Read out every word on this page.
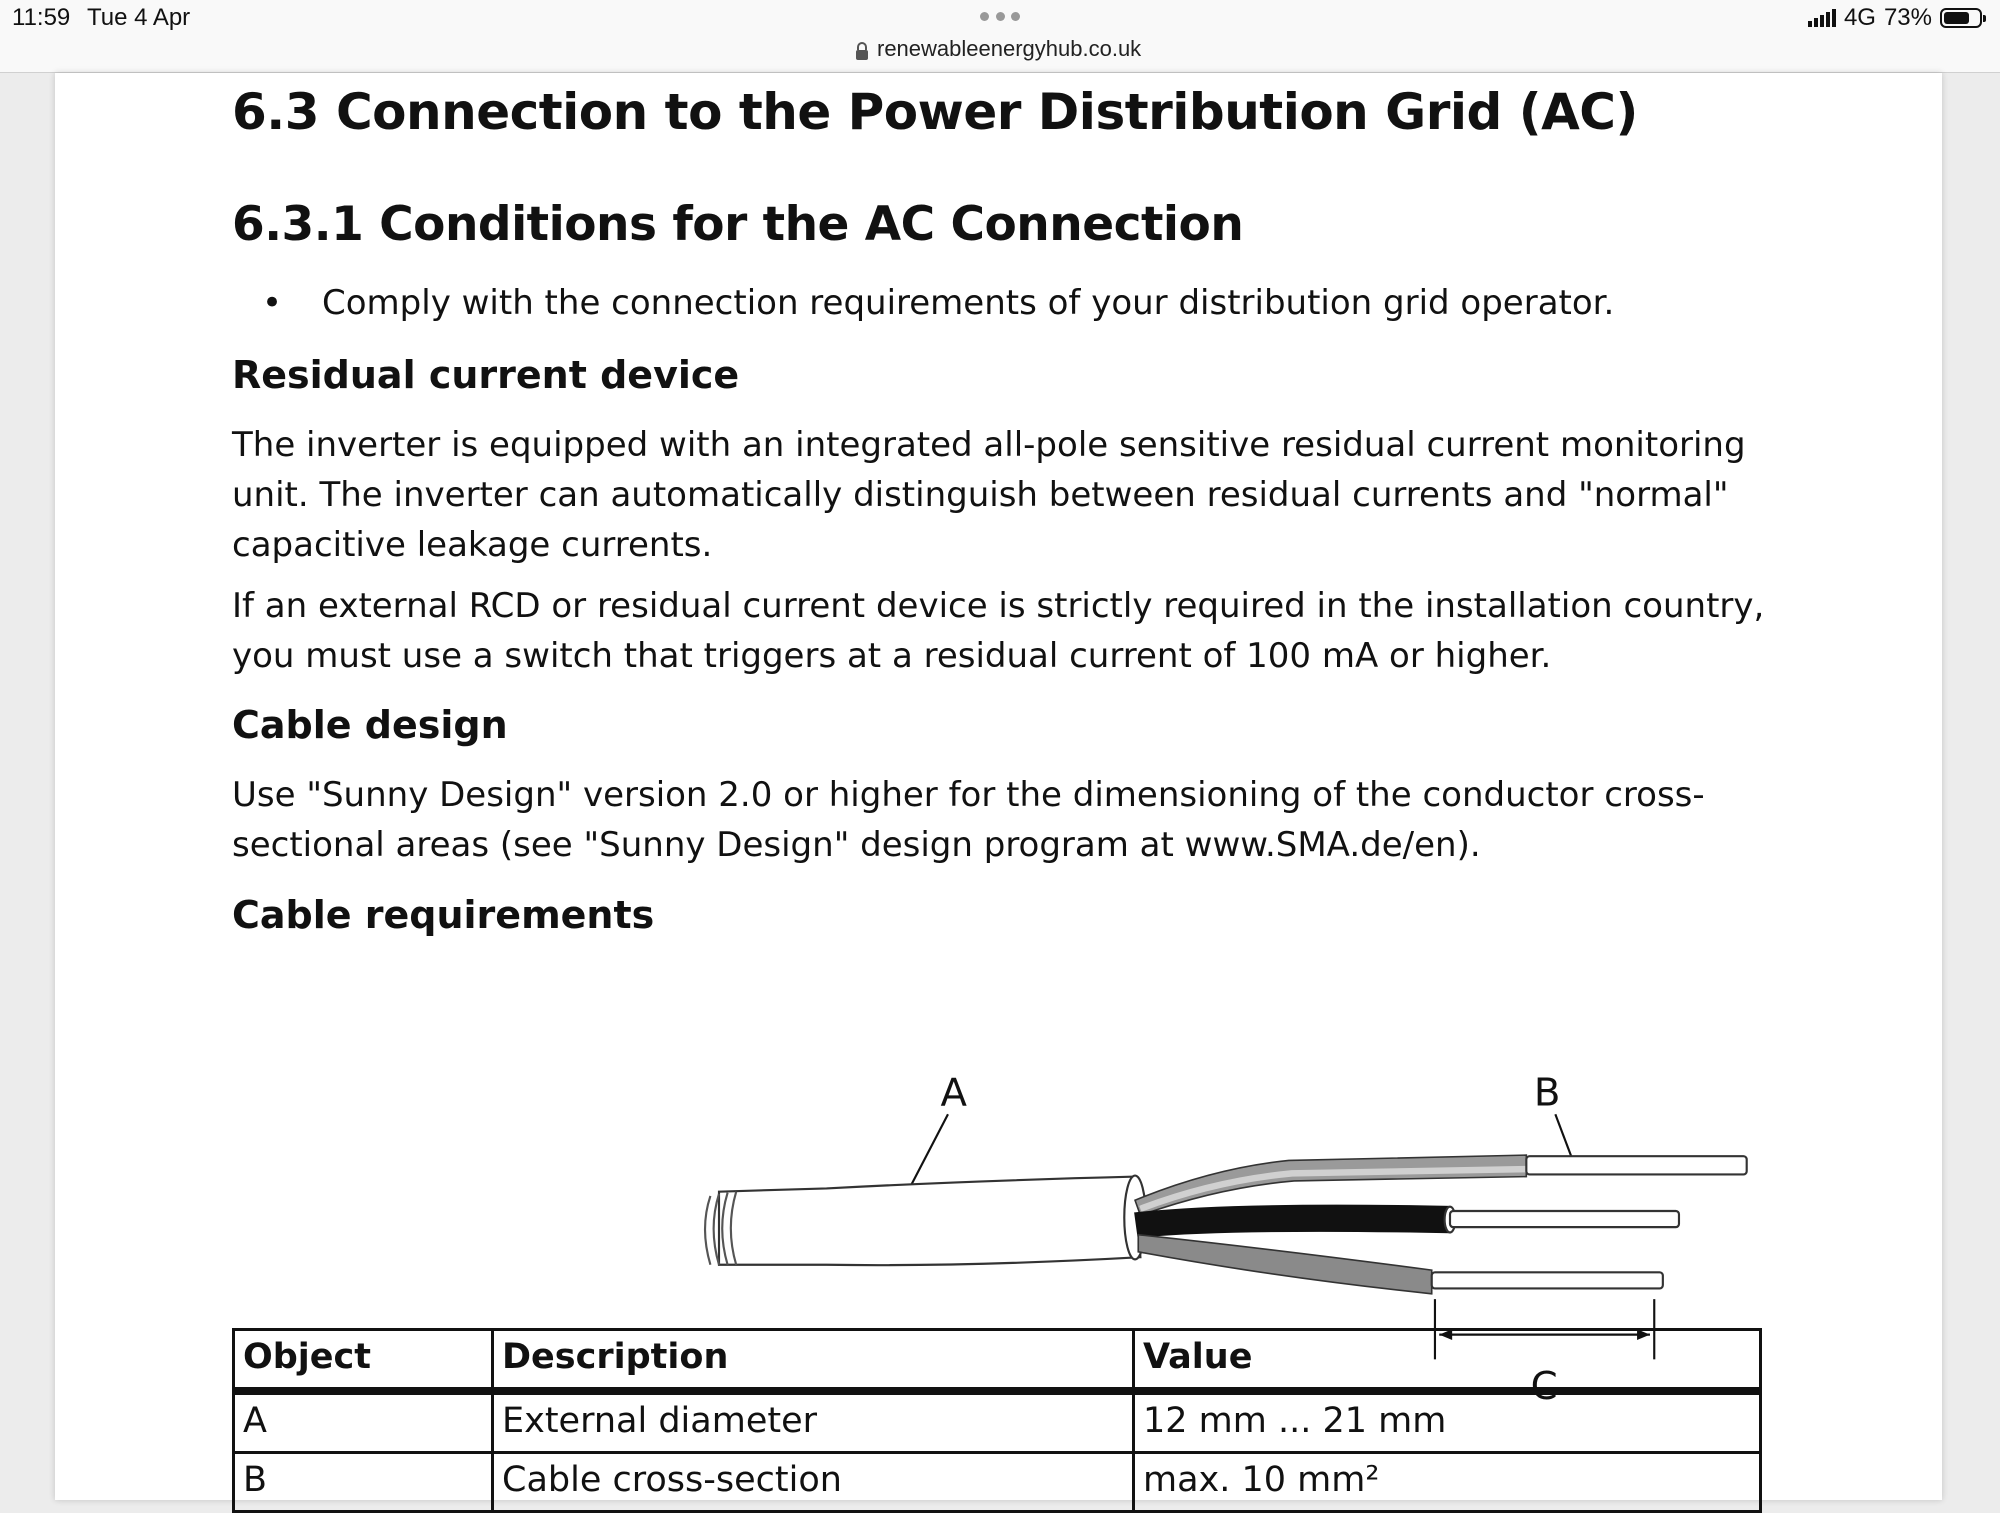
11:59 Tue 4 Apr
renewableenergyhub.co.uk
4G 73%
6.3 Connection to the Power Distribution Grid (AC)
6.3.1 Conditions for the AC Connection
• Comply with the connection requirements of your distribution grid operator.
Residual current device
The inverter is equipped with an integrated all-pole sensitive residual current monitoring unit. The inverter can automatically distinguish between residual currents and "normal" capacitive leakage currents.
If an external RCD or residual current device is strictly required in the installation country, you must use a switch that triggers at a residual current of 100 mA or higher.
Cable design
Use "Sunny Design" version 2.0 or higher for the dimensioning of the conductor cross-sectional areas (see "Sunny Design" design program at www.SMA.de/en).
Cable requirements
A	B
C
Object	Description	Value
A	External diameter	12 mm ... 21 mm
B	Cable cross-section	max. 10 mm²
